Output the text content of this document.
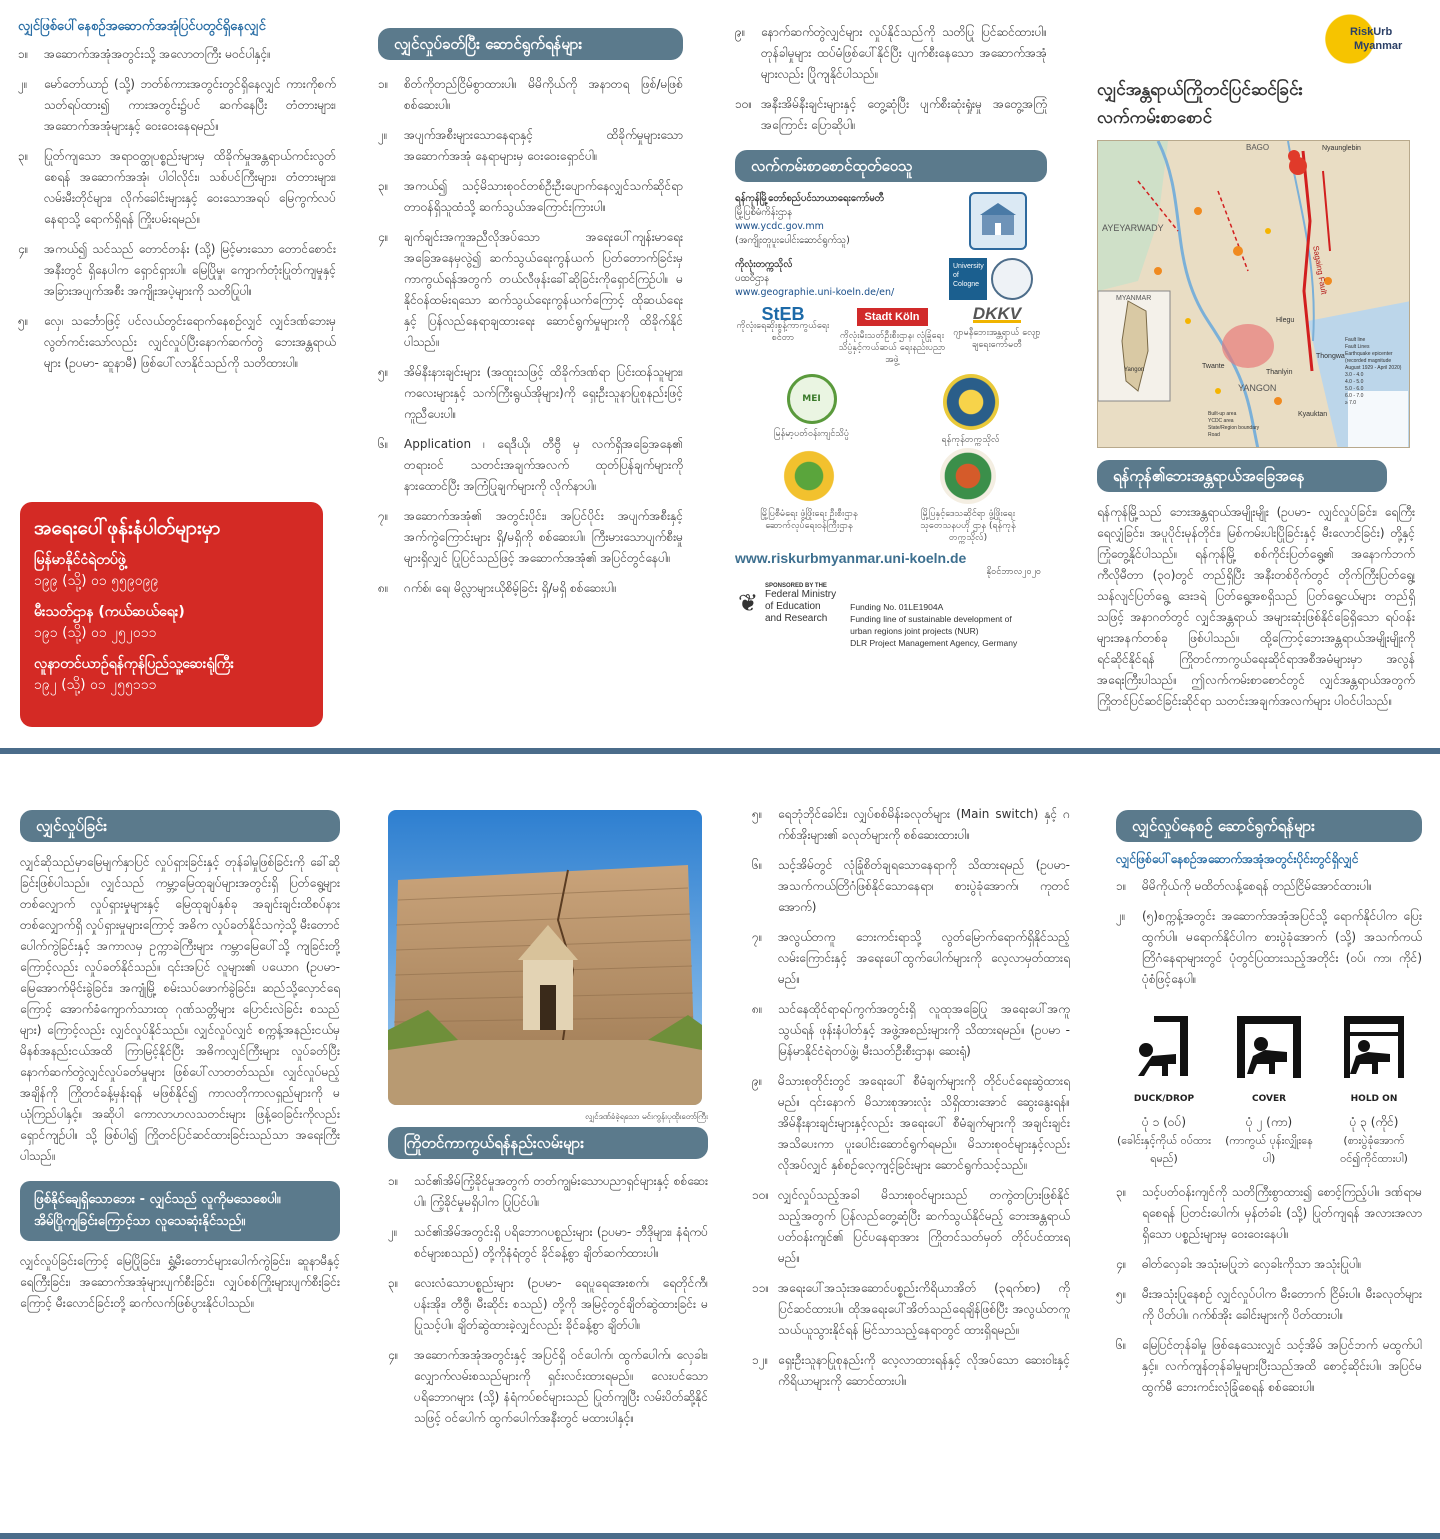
လျှင်ဖြစ်ပေါ်နေစဉ်အဆောက်အအုံပြင်ပတွင်ရှိနေလျှင်
၁။ အဆောက်အအုံအတွင်းသို့ အလောတကြီး မဝင်ပါနှင့်။
၂။ မော်တော်ယာဉ် (သို့) ဘတ်စ်ကားအတွင်းတွင်ရှိနေလျှင် ကားကိုစက်သတ်ရပ်ထား၍ ကားအတွင်း၌ပင် ဆက်နေပြီး တံတားများ၊ အဆောက်အအုံများနှင့် ဝေးဝေးနေရမည်။
၃။ ပြုတ်ကျသော အရာဝတ္ထုပစ္စည်းများမှ ထိခိုက်မှုအန္တရာယ်ကင်းလွတ်စေရန် အဆောက်အအုံ၊ ပါဝါလိုင်း၊ သစ်ပင်ကြီးများ၊ တံတားများ၊ လမ်းမီးတိုင်များ၊ လိုက်ခေါင်းများနှင့် ဝေးသောအရပ် မြေကွက်လပ်နေရာသို့ ရောက်ရှိရန် ကြိုးပမ်းရမည်။
၄။ အကယ်၍ သင်သည် တောင်တန်း (သို့) မြင့်မားသော တောင်စောင်းအနီးတွင် ရှိနေပါက ရှောင်ရှားပါ။ မြေပြိုမှု၊ ကျောက်တုံးပြုတ်ကျမှုနှင့် အခြားအပျက်အစီး အကျိုးအပဲ့များကို သတိပြုပါ။
၅။ လှေ၊ သင်္ဘောဖြင့် ပင်လယ်တွင်းရောက်နေစဉ်လျှင် လျှင်ဒဏ်ဘေးမှလွတ်ကင်းသော်လည်း လျှင်လှုပ်ပြီးနောက်ဆက်တွဲ ဘေးအန္တရာယ်များ (ဥပမာ- ဆူနာမီ) ဖြစ်ပေါ်လာနိုင်သည်ကို သတိထားပါ။
အရေးပေါ်ဖုန်းနံပါတ်များမှာ
မြန်မာနိုင်ငံရဲတပ်ဖွဲ့
၁၉၉ (သို့) ၀၁ ၅၅၉၀၉၉
မီးသတ်ဌာန (ကယ်ဆယ်ရေး)
၁၉၁ (သို့) ၀၁ ၂၅၂၀၁၁
လူနာတင်ယာဉ်ရန်ကုန်ပြည်သူ့ဆေးရုံကြီး
၁၉၂ (သို့) ၀၁ ၂၅၅၁၁၁
လျှင်လှုပ်ခတ်ပြီး ဆောင်ရွက်ရန်များ
၁။ စိတ်ကိုတည်ငြိမ်စွာထားပါ။ မိမိကိုယ်ကို အနာတရ ဖြစ်/မဖြစ်စစ်ဆေးပါ။
၂။ အပျက်အစီးများသောနေရာနှင့် ထိခိုက်မှုများသော အဆောက်အအုံ နေရာများမှ ဝေးဝေးရှောင်ပါ။
၃။ အကယ်၍ သင့်မိသားစုဝင်တစ်ဦးဦးပျောက်နေလျှင်သက်ဆိုင်ရာတာဝန်ရှိသူထံသို့ ဆက်သွယ်အကြောင်းကြားပါ။
၄။ ချက်ချင်းအကူအညီလိုအပ်သော အရေးပေါ်ကျန်းမာရေး အခြေအနေမှလွဲ၍ ဆက်သွယ်ရေးကွန်ယက် ပြတ်တောက်ခြင်းမှ ကာကွယ်ရန်အတွက် တယ်လီဖုန်းခေါ်ဆိုခြင်းကိုရှောင်ကြဉ်ပါ။ မနိုင်ဝန်ထမ်းရသော ဆက်သွယ်ရေးကွန်ယက်ကြောင့် ထိုဆယ်ရေးနှင့် ပြန်လည်နေရာချထားရေး ဆောင်ရွက်မှုများကို ထိခိုက်နိုင်ပါသည်။
၅။ အိမ်နီးနားချင်းများ (အထူးသဖြင့် ထိခိုက်ဒဏ်ရာ ပြင်းထန်သူများ၊ ကလေးများနှင့် သက်ကြီးရွယ်အိုများ)ကို ရှေးဦးသူနာပြုစုနည်းဖြင့် ကူညီပေးပါ။
၆။ Application ၊ ရေဒီယို၊ တီဗွီ မှ လက်ရှိအခြေအနေ၏ တရားဝင် သတင်းအချက်အလက် ထုတ်ပြန်ချက်များကို နားထောင်ပြီး အကြံပြုချက်များကို လိုက်နာပါ။
၇။ အဆောက်အအုံ၏ အတွင်းပိုင်း၊ အပြင်ပိုင်း အပျက်အစီးနှင့်အက်ကွဲကြောင်းများ ရှိ/မရှိကို စစ်ဆေးပါ။ ကြီးမားသောပျက်စီးမှုများရှိလျှင် ပြုပြင်သည်ဖြင့် အဆောက်အအုံ၏ အပြင်တွင်နေပါ။
၈။ ဂက်စ်၊ ရေ၊ မိလ္လာများယိုစိမ့်ခြင်း ရှိ/မရှိ စစ်ဆေးပါ။
၉။ နောက်ဆက်တွဲလျှင်များ လှုပ်နိုင်သည်ကို သတိပြု ပြင်ဆင်ထားပါ။ တုန်ခါမှုများ ထပ်မံဖြစ်ပေါ်နိုင်ပြီး ပျက်စီးနေသော အဆောက်အအုံများလည်း ပြိုကျနိုင်ပါသည်။
၁၀။ အနီးအိမ်နီးချင်းများနှင့် တွေ့ဆုံပြီး ပျက်စီးဆုံးရှုံးမှု အတွေ့အကြုံအကြောင်း ပြောဆိုပါ။
လက်ကမ်းစာစောင်ထုတ်ဝေသူ
ရန်ကုန်မြို့တော်စည်ပင်သာယာရေးကော်မတီ
မြို့ပြစီမံကိန်းဌာန
www.ycdc.gov.mm
(အကျိုးတူပူးပေါင်းဆောင်ရွက်သူ)
ကိုလုံးတက္ကသိုလ်
ပထဝီဌာန
www.geographie.uni-koeln.de/en/
University of Cologne
StEB
ကိုလုံးရေဆိုးစွန့်ကာကွယ်ရေး စင်တာ
Stadt Köln
ကိုလုံးမီးသတ်ဦးစီးဌာန၊ လုံခြုံရေးသိပ္ပံနှင့်ကယ်ဆယ် ရေးနည်းပညာအဖွဲ့
DKKV
ဂျာမနီဘေးအန္တရာယ် လျော့ချရေးကော်မတီ
MEI
မြန်မာ့ပတ်ဝန်းကျင်သိပ္ပံ
ရန်ကုန်တက္ကသိုလ်
မြို့ပြစီမံရေး ဖွံ့ဖြိုးရေး ဦးစီးဌာန ဆောက်လုပ်ရေးဝန်ကြီးဌာန
မြို့ပြနှင့်ဒေသဆိုင်ရာ ဖွံ့ဖြိုးရေးသုတေသနပဟို ဌာန (ရန်ကုန်တက္ကသိုလ်)
www.riskurbmyanmar.uni-koeln.de
နိုဝင်ဘာလ၂၀၂၀
❦
SPONSORED BY THE
Federal Ministry
of Education
and Research
Funding No. 01LE1904A
Funding line of sustainable development of
urban regions joint projects (NUR)
DLR Project Management Agency, Germany
RiskUrb
Myanmar
လျှင်အန္တရာယ်ကြိုတင်ပြင်ဆင်ခြင်း
လက်ကမ်းစာစောင်
BAGO	Nyaunglebin
AYEYARWADY
Sagaing Fault
YANGON
MYANMAR
Yangon
Hlegu
Thanlyin
Thongwa
Twante
Kyauktan
Fault line
Fault Lines
Earthquake epicenter (recorded magnitude August 1929 - April 2020)
3.0 - 4.0
4.0 - 5.0
5.0 - 6.0
6.0 - 7.0
≥ 7.0
Built-up area
YCDC area
State/Region boundary
Road
ရန်ကုန်၏ဘေးအန္တရာယ်အခြေအနေ
ရန်ကုန်မြို့သည် ဘေးအန္တရာယ်အမျိုးမျိုး (ဥပမာ- လျှင်လှုပ်ခြင်း၊ ရေကြီးရေလျှံခြင်း၊ အပူပိုင်းမုန်တိုင်း၊ မြစ်ကမ်းပါးပြိုခြင်းနှင့် မီးလောင်ခြင်း) တို့နှင့် ကြုံတွေ့နိုင်ပါသည်။ ရန်ကုန်မြို့ စစ်ကိုင်းပြတ်ရွေ့၏ အနောက်ဘက် ကီလိုမီတာ (၃၀)တွင် တည်ရှိပြီး အနီးတစ်ဝိုက်တွင် တိုက်ကြီးပြတ်ရွေ့၊ သန်လျင်ပြတ်ရွေ့ ဒေးဒရဲ ပြတ်ရွေ့အစရှိသည် ပြတ်ရွေ့ငယ်များ တည်ရှိသဖြင့် အနာဂတ်တွင် လျှင်အန္တရာယ် အများဆုံးဖြစ်နိုင်ခြေရှိသော ရပ်ဝန်းများအနက်တစ်ခု ဖြစ်ပါသည်။ ထို့ကြောင့်ဘေးအန္တရာယ်အမျိုးမျိုးကို ရင်ဆိုင်နိုင်ရန် ကြိုတင်ကာကွယ်ရေးဆိုင်ရာအစီအမံများမှာ အလွန်အရေးကြီးပါသည်။ ဤလက်ကမ်းစာစောင်တွင် လျှင်အန္တရာယ်အတွက် ကြိုတင်ပြင်ဆင်ခြင်းဆိုင်ရာ သတင်းအချက်အလက်များ ပါဝင်ပါသည်။
လျှင်လှုပ်ခြင်း
လျှင်ဆိုသည်မှာမြေမျက်နှာပြင် လှုပ်ရှားခြင်းနှင့် တုန်ခါမှုဖြစ်ခြင်းကို ခေါ်ဆိုခြင်းဖြစ်ပါသည်။ လျှင်သည် ကမ္ဘာ့မြေထုချပ်များအတွင်းရှိ ပြတ်ရွေ့များတစ်လျှောက် လှုပ်ရှားမှုများနှင့် မြေထုချပ်နှစ်ခု အချင်းချင်းထိစပ်နားတစ်လျှောက်ရှိ လှုပ်ရှားမှုများကြောင့် အဓိက လှုပ်ခတ်နိုင်သကဲ့သို့ မီးတောင်ပေါက်ကွဲခြင်းနှင့် အကာလမှ ဥက္ကာခဲကြီးများ ကမ္ဘာမြေပေါ်သို့ ကျခြင်းတို့ကြောင့်လည်း လှုပ်ခတ်နိုင်သည်။ ၎င်းအပြင် လူများ၏ ပယောဂ (ဥပမာ- မြေအောက်မိုင်းခွဲခြင်း၊ အကျုံမြို့ စမ်းသပ်ဖောက်ခွဲခြင်း၊ ဆည်သို့လှောင်ရေကြောင့် အောက်ခံကျောက်သားထု ဂုဏ်သတ္တိများ ပြောင်းလဲခြင်း စသည်များ) ကြောင့်လည်း လျှင်လှုပ်နိုင်သည်။ လျှင်လှုပ်လျှင် စက္ကန့်အနည်းငယ်မှ မိနစ်အနည်းငယ်အထိ ကြာမြင့်နိုင်ပြီး အဓိကလျှင်ကြီးများ လှုပ်ခတ်ပြီး နောက်ဆက်တွဲလျှင်လှုပ်ခတ်မှုများ ဖြစ်ပေါ်လာတတ်သည်။ လျှင်လှုပ်မည့်အချိန်ကို ကြိုတင်ခန့်မှန်းရန် မဖြစ်နိုင်၍ ကာလတိုကာလရှည်များကို မယုံကြည်ပါနှင့်။ အဆိုပါ ကောလာဟလသတင်းများ ဖြန့်ဝေခြင်းကိုလည်း ရှောင်ကျဉ်ပါ။ သို့ ဖြစ်ပါ၍ ကြိုတင်ပြင်ဆင်ထားခြင်းသည်သာ အရေးကြီးပါသည်။
ဖြစ်နိုင်ချေရှိသောဘေး - လျှင်သည် လူကိုမသေစေပါ။
အိမ်ပြိုကျခြင်းကြောင့်သာ လူသေဆုံးနိုင်သည်။
လျှင်လှုပ်ခြင်းကြောင့် မြေပြိုခြင်း၊ ရွှံ့မီးတောင်များပေါက်ကွဲခြင်း၊ ဆူနာမီနှင့် ရေကြီးခြင်း၊ အဆောက်အအုံများပျက်စီးခြင်း၊ လျှပ်စစ်ကြိုးများပျက်စီးခြင်းကြောင့် မီးလောင်ခြင်းတို့ ဆက်လက်ဖြစ်ပွားနိုင်ပါသည်။
လျှင်ဒဏ်ခံခဲ့ရသော မင်းကွန်းပုထိုးတော်ကြီး
ကြိုတင်ကာကွယ်ရန်နည်းလမ်းများ
၁။ သင်၏အိမ်ကြံ့ခိုင်မှုအတွက် တတ်ကျွမ်းသောပညာရှင်များနှင့် စစ်ဆေးပါ။ ကြံ့ခိုင်မှုမရှိပါက ပြုပြင်ပါ။
၂။ သင်၏အိမ်အတွင်းရှိ ပရိဘောဂပစ္စည်းများ (ဥပမာ- ဘီဒိုများ၊ နံရံကပ်စင်များစသည်) တို့ကိုနံရံတွင် ခိုင်ခန့်စွာ ချိတ်ဆက်ထားပါ။
၃။ လေးလံသောပစ္စည်းများ (ဥပမာ- ရေပူရေအေးစက်၊ ရေတိုင်ကီ၊ ပန်းအိုး၊ တီဗွီ၊ မီးဆိုင်း စသည်) တို့ကို အမြင့်တွင်ချိတ်ဆွဲထားခြင်း မပြုသင့်ပါ။ ချိတ်ဆွဲထားခဲ့လျှင်လည်း ခိုင်ခန့်စွာ ချိတ်ပါ။
၄။ အဆောက်အအုံအတွင်းနှင့် အပြင်ရှိ ဝင်ပေါက်၊ ထွက်ပေါက်၊ လှေခါး၊ လျှောက်လမ်းစသည်များကို ရှင်းလင်းထားရမည်။ လေးပင်သောပရိဘောဂများ (သို့) နံရံကပ်စင်များသည် ပြုတ်ကျပြီး လမ်းပိတ်ဆို့နိုင်သဖြင့် ဝင်ပေါက် ထွက်ပေါက်အနီးတွင် မထားပါနှင့်။
၅။ ရေဘုံဘိုင်ခေါင်း၊ လျှပ်စစ်မိန်းခလုတ်များ (Main switch) နှင့် ဂက်စ်အိုးများ၏ ခလုတ်များကို စစ်ဆေးထားပါ။
၆။ သင့်အိမ်တွင် လုံခြုံစိတ်ချရသောနေရာကို သိထားရမည် (ဥပမာ- အသက်ကယ်တြိဂံဖြစ်နိုင်သောနေရာ၊ စားပွဲခုံအောက်၊ ကုတင်အောက်)
၇။ အလွယ်တကူ ဘေးကင်းရာသို့ လွတ်မြောက်ရောက်ရှိနိုင်သည့် လမ်းကြောင်းနှင့် အရေးပေါ်ထွက်ပေါက်များကို လေ့လာမှတ်ထားရမည်။
၈။ သင်နေထိုင်ရာရပ်ကွက်အတွင်းရှိ လူထုအခြေပြု အရေးပေါ်အကူ သွယ်ရန် ဖုန်းနံပါတ်နှင့် အဖွဲ့အစည်းများကို သိထားရမည်။ (ဥပမာ - မြန်မာနိုင်ငံရဲတပ်ဖွဲ့၊ မီးသတ်ဦးစီးဌာန၊ ဆေးရုံ)
၉။ မိသားစုတိုင်းတွင် အရေးပေါ် စီမံချက်များကို တိုင်ပင်ရေးဆွဲထားရမည်။ ၎င်းနောက် မိသားစုအားလုံး သိရှိထားအောင် ဆွေးနွေးရန်။ အိမ်နီးနားချင်းများနှင့်လည်း အရေးပေါ် စီမံချက်များကို အချင်းချင်း အသိပေးကာ ပူးပေါင်းဆောင်ရွက်ရမည်။ မိသားစုဝင်များနှင့်လည်း လိုအပ်လျှင် နှစ်စဉ်လေ့ကျင့်ခြင်းများ ဆောင်ရွက်သင့်သည်။
၁၀။ လျှင်လှုပ်သည့်အခါ မိသားစုဝင်များသည် တကွဲတပြားဖြစ်နိုင်သည့်အတွက် ပြန်လည်တွေ့ဆုံပြီး ဆက်သွယ်နိုင်မည့် ဘေးအန္တရာယ်ပတ်ဝန်းကျင်၏ ပြင်ပနေရာအား ကြိုတင်သတ်မှတ် တိုင်ပင်ထားရမည်။
၁၁။ အရေးပေါ်အသုံးအဆောင်ပစ္စည်းကိရိယာအိတ် (၃ရက်စာ) ကို ပြင်ဆင်ထားပါ။ ထိုအရေးပေါ်အိတ်သည်ရေချိန်ဖြစ်ပြီး အလွယ်တကူ သယ်ယူသွားနိုင်ရန် မြင်သာသည့်နေရာတွင် ထားရှိရမည်။
၁၂။ ရှေးဦးသူနာပြုစုနည်းကို လေ့လာထားရန်နှင့် လိုအပ်သော ဆေးဝါးနှင့်ကိရိယာများကို ဆောင်ထားပါ။
လျှင်လှုပ်နေစဉ် ဆောင်ရွက်ရန်များ
လျှင်ဖြစ်ပေါ်နေစဉ်အဆောက်အအုံအတွင်းပိုင်းတွင်ရှိလျှင်
၁။ မိမိကိုယ်ကို မထိတ်လန့်စေရန် တည်ငြိမ်အောင်ထားပါ။
၂။ (၅)စက္ကန့်အတွင်း အဆောက်အအုံအပြင်သို့ ရောက်နိုင်ပါက ပြေးထွက်ပါ။ မရောက်နိုင်ပါက စားပွဲခုံအောက် (သို့) အသက်ကယ်တြိဂံနေရာများတွင် ပုံတွင်ပြထားသည့်အတိုင်း (ဝပ်၊ ကာ၊ ကိုင်) ပုံစံဖြင့်နေပါ။
DUCK/DROP
ပုံ ၁ (ဝပ်)
(ခေါင်းနှင့်ကိုယ် ဝပ်ထားရမည်)
COVER
ပုံ ၂ (ကာ)
(ကာကွယ် ပုန်းလျှိုးနေပါ)
HOLD ON
ပုံ ၃ (ကိုင်)
(စားပွဲခုံအောက် ဝင်၍ကိုင်ထားပါ)
၃။ သင့်ပတ်ဝန်းကျင်ကို သတိကြီးစွာထား၍ စောင့်ကြည့်ပါ။ ဒဏ်ရာမရစေရန် ပြတင်းပေါက်၊ မှန်တံခါး (သို့) ပြုတ်ကျရန် အလားအလာရှိသော ပစ္စည်းများမှ ဝေးဝေးနေပါ။
၄။ ဓါတ်လှေခါး အသုံးမပြုဘဲ လှေခါးကိုသာ အသုံးပြုပါ။
၅။ မီးအသုံးပြုနေစဉ် လျှင်လှုပ်ပါက မီးတောက် ငြိမ်းပါ။ မီးခလုတ်များကို ပိတ်ပါ။ ဂက်စ်အိုး ခေါင်းများကို ပိတ်ထားပါ။
၆။ မြေပြင်တုန်ခါမှု ဖြစ်နေသေးလျှင် သင့်အိမ် အပြင်ဘက် မထွက်ပါနှင့်။ လက်ကျန်တုန်ခါမှုများပြီးသည်အထိ စောင့်ဆိုင်းပါ။ အပြင်မထွက်မီ ဘေးကင်းလုံခြုံစေရန် စစ်ဆေးပါ။
